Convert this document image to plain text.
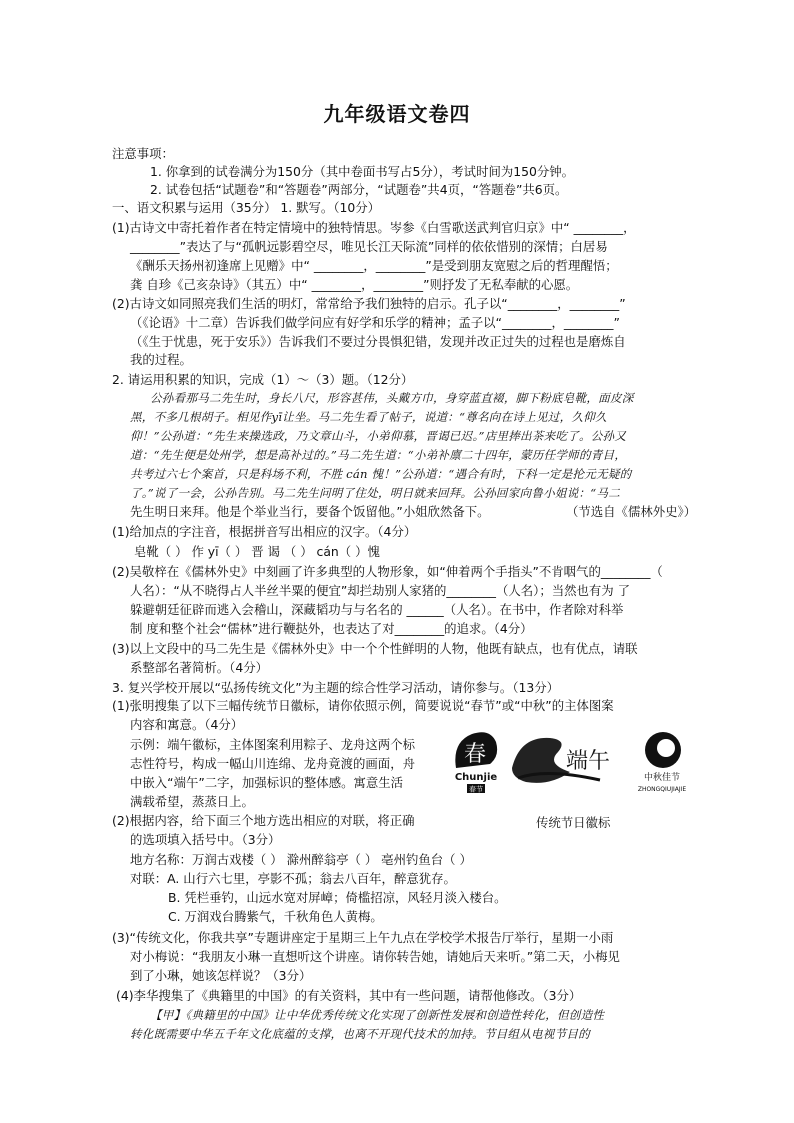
九年级语文卷四
注意事项：
1. 你拿到的试卷满分为150分（其中卷面书写占5分），考试时间为150分钟。
2. 试卷包括“试题卷”和“答题卷”两部分，“试题卷”共4页，“答题卷”共6页。
一、语文积累与运用（35分） 1. 默写。（10分）
(1)古诗文中寄托着作者在特定情境中的独特情思。岑参《白雪歌送武判官归京》中“ ________，
________”表达了与“孤帆远影碧空尽，唯见长江天际流”同样的依依惜别的深情；白居易
《酬乐天扬州初逢席上见赠》中“ ________，________”是受到朋友宽慰之后的哲理醒悟；
龚 自珍《己亥杂诗》（其五）中“ ________，________”则抒发了无私奉献的心愿。
(2)古诗文如同照亮我们生活的明灯，常常给予我们独特的启示。孔子以“________，________”
（《论语》十二章）告诉我们做学问应有好学和乐学的精神；孟子以“________，________”
（《生于忧患，死于安乐》）告诉我们不要过分畏惧犯错，发现并改正过失的过程也是磨炼自
我的过程。
2. 请运用积累的知识，完成（1）～（3）题。（12分）
公孙看那马二先生时，身长八尺，形容甚伟，头戴方巾，身穿蓝直裰，脚下粉底皂靴，面皮深
黑，不多几根胡子。相见作yī让坐。马二先生看了帖子，说道：“尊名向在诗上见过，久仰久
仰！”公孙道：“先生来操选政，乃文章山斗，小弟仰慕，晋谒已迟。”店里捧出茶来吃了。公孙又
道：“先生便是处州学，想是高补过的。”马二先生道：“小弟补廪二十四年，蒙历任学师的青目，
共考过六七个案首，只是科场不利，不胜 cán 愧！”公孙道：“遇合有时，下科一定是抡元无疑的
了。”说了一会，公孙告别。马二先生问明了住处，明日就来回拜。公孙回家向鲁小姐说：“马二
先生明日来拜。他是个举业当行，要备个饭留他。”小姐欣然备下。	（节选自《儒林外史》）
(1)给加点的字注音，根据拼音写出相应的汉字。（4分）
皂靴（ ） 作 yī（ ） 晋 谒 （ ） cán（ ）愧
(2)吴敬梓在《儒林外史》中刻画了许多典型的人物形象，如“伸着两个手指头”不肯咽气的________（
人名）：“从不晓得占人半丝半粟的便宜”却拦劫别人家猪的________（人名）；当然也有为 了
躲避朝廷征辟而逃入会稽山，深藏韬功与与名名的 ______（人名）。在书中，作者除对科举
制 度和整个社会“儒林”进行鞭挞外，也表达了对________的追求。（4分）
(3)以上文段中的马二先生是《儒林外史》中一个个性鲜明的人物，他既有缺点，也有优点，请联
系整部名著简析。（4分）
3. 复兴学校开展以“弘扬传统文化”为主题的综合性学习活动，请你参与。（13分）
(1)张明搜集了以下三幅传统节日徽标，请你依照示例，简要说说“春节”或“中秋”的主体图案
内容和寓意。（4分）
示例：端午徽标，主体图案利用粽子、龙舟这两个标
志性符号，构成一幅山川连绵、龙舟竟渡的画面，舟
中嵌入“端午”二字，加强标识的整体感。寓意生活
满载希望，蒸蒸日上。
春
Chunjie
春节
端午
中秋佳节
ZHONGQIUJIAJIE
传统节日徽标
(2)根据内容，给下面三个地方选出相应的对联，将正确
的选项填入括号中。（3分）
地方名称：万润古戏楼（ ） 滁州醉翁亭（ ） 亳州钓鱼台（ ）
对联：A. 山行六七里，亭影不孤；翁去八百年，醉意犹存。
B. 凭栏垂钓，山远水宽对屏嶂；倚槛招凉，风轻月淡入楼台。
C. 万润戏台腾紫气，千秋角色人黄梅。
(3)“传统文化，你我共享”专题讲座定于星期三上午九点在学校学术报告厅举行，星期一小雨
对小梅说：“我朋友小琳一直想听这个讲座。请你转告她，请她后天来听。”第二天，小梅见
到了小琳，她该怎样说？（3分）
(4)李华搜集了《典籍里的中国》的有关资料，其中有一些问题，请帮他修改。（3分）
【甲】《典籍里的中国》让中华优秀传统文化实现了创新性发展和创造性转化，但创造性
转化既需要中华五千年文化底蕴的支撑，也离不开现代技术的加持。节目组从电视节目的
